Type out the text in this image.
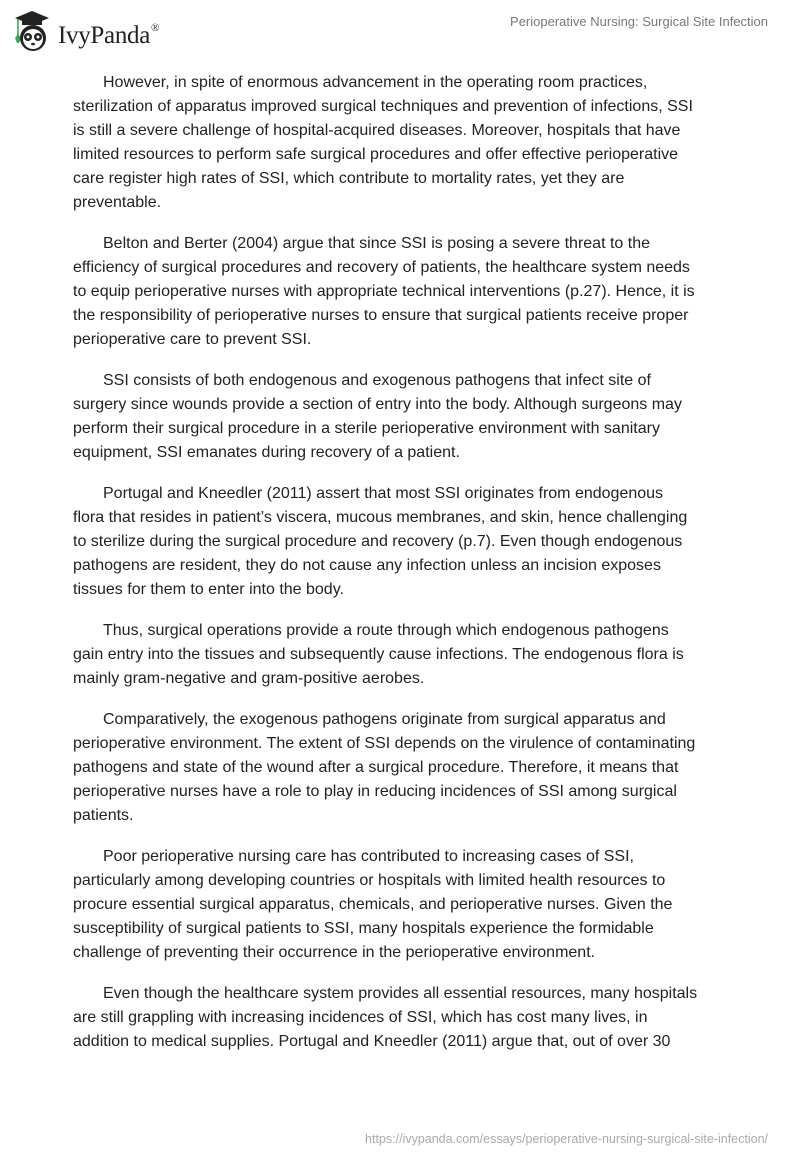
IvyPanda ®	Perioperative Nursing: Surgical Site Infection
However, in spite of enormous advancement in the operating room practices,
sterilization of apparatus improved surgical techniques and prevention of infections, SSI
is still a severe challenge of hospital-acquired diseases. Moreover, hospitals that have
limited resources to perform safe surgical procedures and offer effective perioperative
care register high rates of SSI, which contribute to mortality rates, yet they are
preventable.
Belton and Berter (2004) argue that since SSI is posing a severe threat to the
efficiency of surgical procedures and recovery of patients, the healthcare system needs
to equip perioperative nurses with appropriate technical interventions (p.27). Hence, it is
the responsibility of perioperative nurses to ensure that surgical patients receive proper
perioperative care to prevent SSI.
SSI consists of both endogenous and exogenous pathogens that infect site of
surgery since wounds provide a section of entry into the body. Although surgeons may
perform their surgical procedure in a sterile perioperative environment with sanitary
equipment, SSI emanates during recovery of a patient.
Portugal and Kneedler (2011) assert that most SSI originates from endogenous
flora that resides in patient’s viscera, mucous membranes, and skin, hence challenging
to sterilize during the surgical procedure and recovery (p.7). Even though endogenous
pathogens are resident, they do not cause any infection unless an incision exposes
tissues for them to enter into the body.
Thus, surgical operations provide a route through which endogenous pathogens
gain entry into the tissues and subsequently cause infections. The endogenous flora is
mainly gram-negative and gram-positive aerobes.
Comparatively, the exogenous pathogens originate from surgical apparatus and
perioperative environment. The extent of SSI depends on the virulence of contaminating
pathogens and state of the wound after a surgical procedure. Therefore, it means that
perioperative nurses have a role to play in reducing incidences of SSI among surgical
patients.
Poor perioperative nursing care has contributed to increasing cases of SSI,
particularly among developing countries or hospitals with limited health resources to
procure essential surgical apparatus, chemicals, and perioperative nurses. Given the
susceptibility of surgical patients to SSI, many hospitals experience the formidable
challenge of preventing their occurrence in the perioperative environment.
Even though the healthcare system provides all essential resources, many hospitals
are still grappling with increasing incidences of SSI, which has cost many lives, in
addition to medical supplies. Portugal and Kneedler (2011) argue that, out of over 30
https://ivypanda.com/essays/perioperative-nursing-surgical-site-infection/
